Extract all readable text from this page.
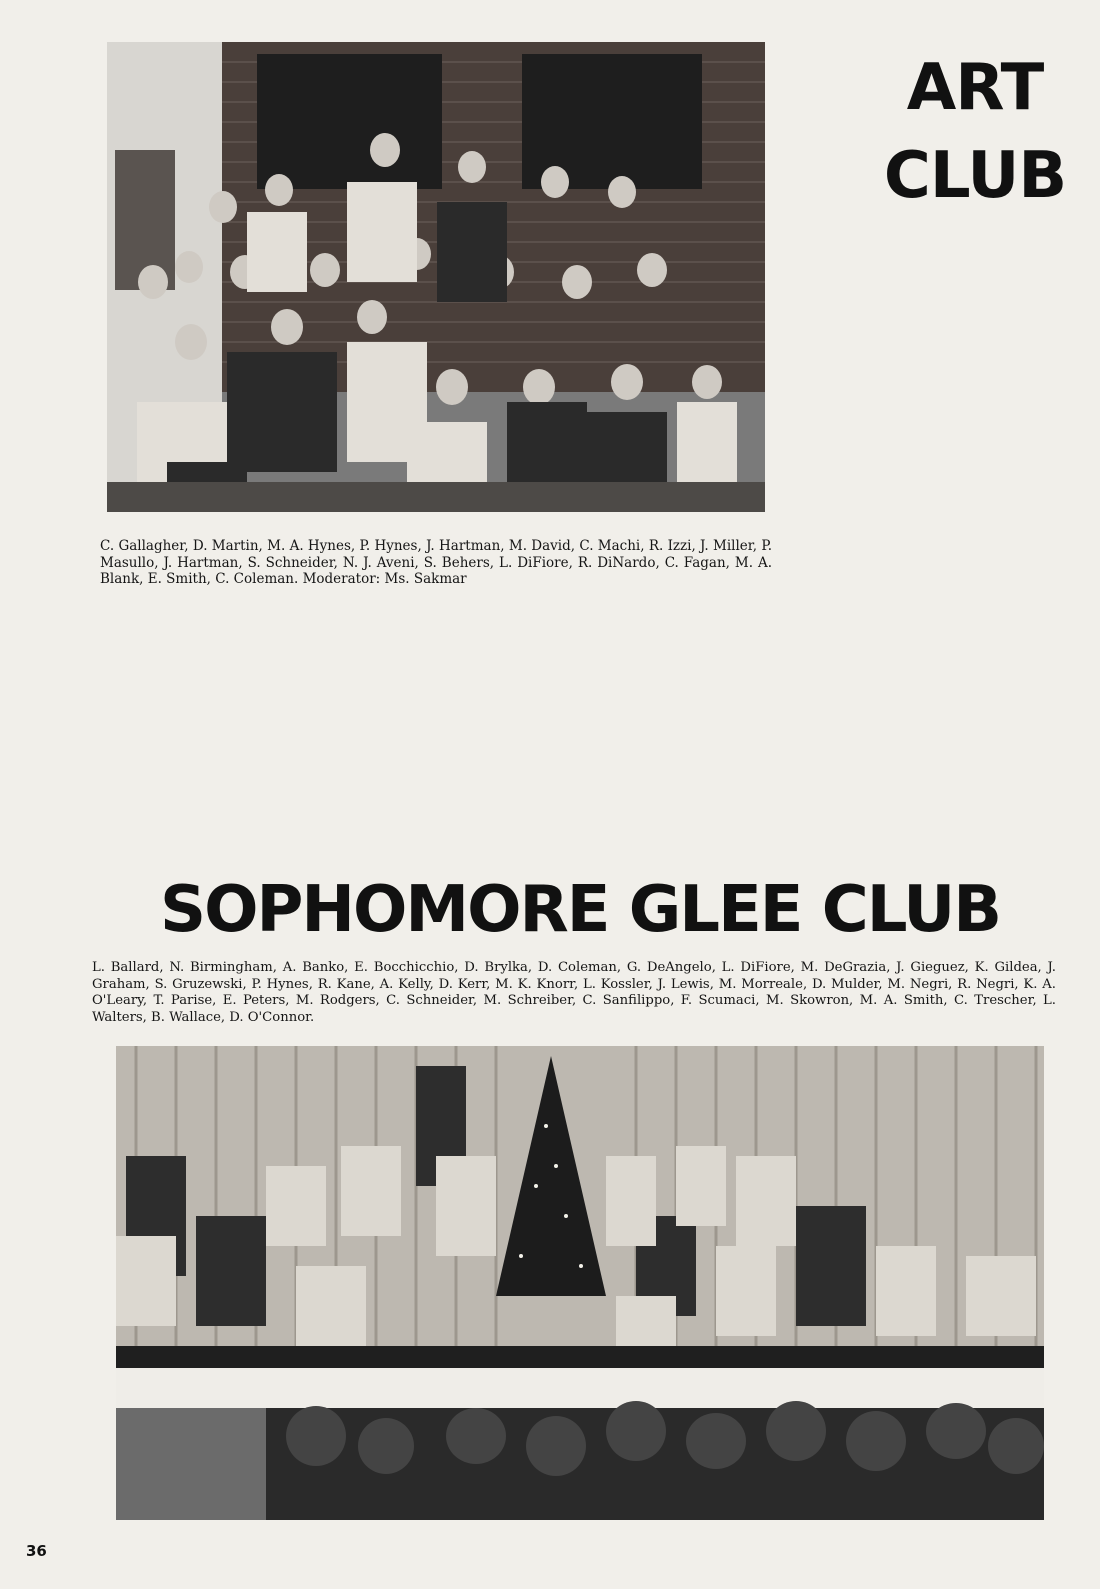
ART
CLUB

C. Gallagher, D. Martin, M. A. Hynes, P. Hynes, J. Hartman, M. David, C. Machi, R. Izzi, J. Miller, P. Masullo, J. Hartman, S. Schneider, N. J. Aveni, S. Behers, L. DiFiore, R. DiNardo, C. Fagan, M. A. Blank, E. Smith, C. Coleman. Moderator: Ms. Sakmar

SOPHOMORE GLEE CLUB

L. Ballard, N. Birmingham, A. Banko, E. Bocchicchio, D. Brylka, D. Coleman, G. DeAngelo, L. DiFiore, M. DeGrazia, J. Gieguez, K. Gildea, J. Graham, S. Gruzewski, P. Hynes, R. Kane, A. Kelly, D. Kerr, M. K. Knorr, L. Kossler, J. Lewis, M. Morreale, D. Mulder, M. Negri, R. Negri, K. A. O'Leary, T. Parise, E. Peters, M. Rodgers, C. Schneider, M. Schreiber, C. Sanfilippo, F. Scumaci, M. Skowron, M. A. Smith, C. Trescher, L. Walters, B. Wallace, D. O'Connor.

36
